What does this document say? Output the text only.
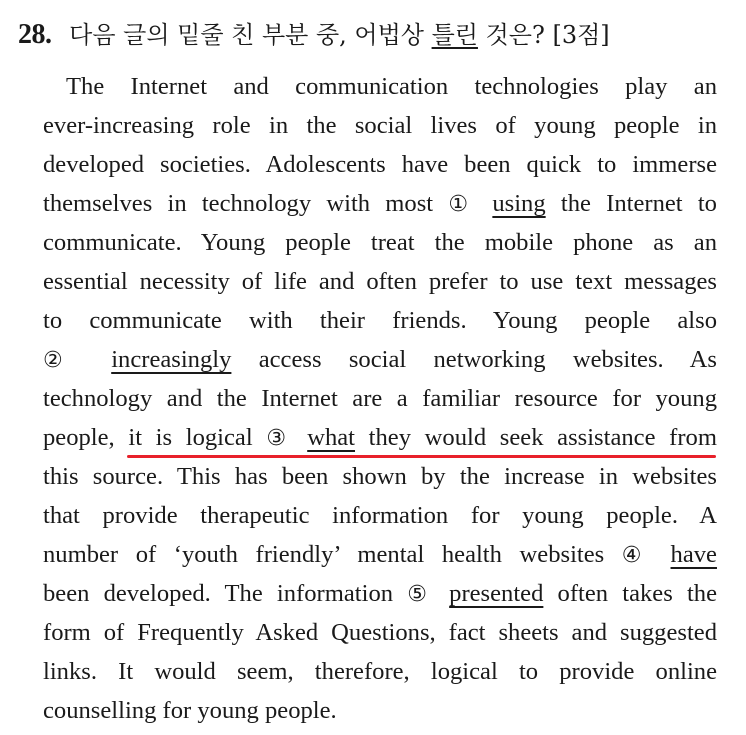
28. 다음 글의 밑줄 친 부분 중, 어법상 틀린 것은? [3점]
The Internet and communication technologies play an
ever-increasing role in the social lives of young people in
developed societies. Adolescents have been quick to immerse
themselves in technology with most ① using the Internet to
communicate. Young people treat the mobile phone as an
essential necessity of life and often prefer to use text messages
to communicate with their friends. Young people also
② increasingly access social networking websites. As
technology and the Internet are a familiar resource for young
people, it is logical ③ what they would seek assistance from
this source. This has been shown by the increase in websites
that provide therapeutic information for young people. A
number of ‘youth friendly’ mental health websites ④ have
been developed. The information ⑤ presented often takes the
form of Frequently Asked Questions, fact sheets and suggested
links. It would seem, therefore, logical to provide online
counselling for young people.
